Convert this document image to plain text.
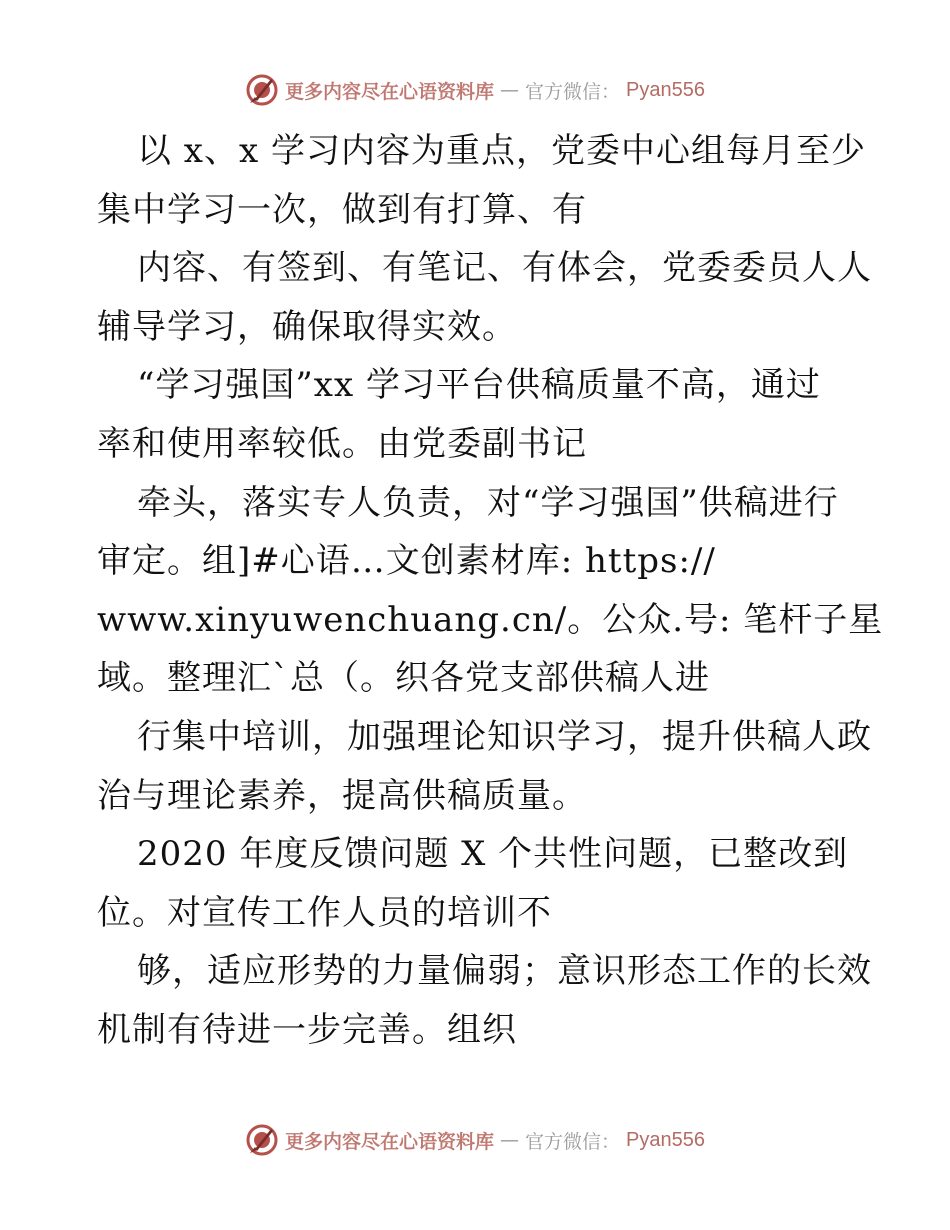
更多内容尽在心语资料库 — 官方微信： Pyan556
以 x、x 学习内容为重点，党委中心组每月至少
集中学习一次，做到有打算、有
内容、有签到、有笔记、有体会，党委委员人人
辅导学习，确保取得实效。
“学习强国”xx 学习平台供稿质量不高，通过
率和使用率较低。由党委副书记
牵头，落实专人负责，对“学习强国”供稿进行
审定。组]#心语…文创素材库: https://
www.xinyuwenchuang.cn/。公众.号: 笔杆子星
域。整理汇`总（。织各党支部供稿人进
行集中培训，加强理论知识学习，提升供稿人政
治与理论素养，提高供稿质量。
2020 年度反馈问题 X 个共性问题，已整改到
位。对宣传工作人员的培训不
够，适应形势的力量偏弱；意识形态工作的长效
机制有待进一步完善。组织
更多内容尽在心语资料库 — 官方微信： Pyan556
